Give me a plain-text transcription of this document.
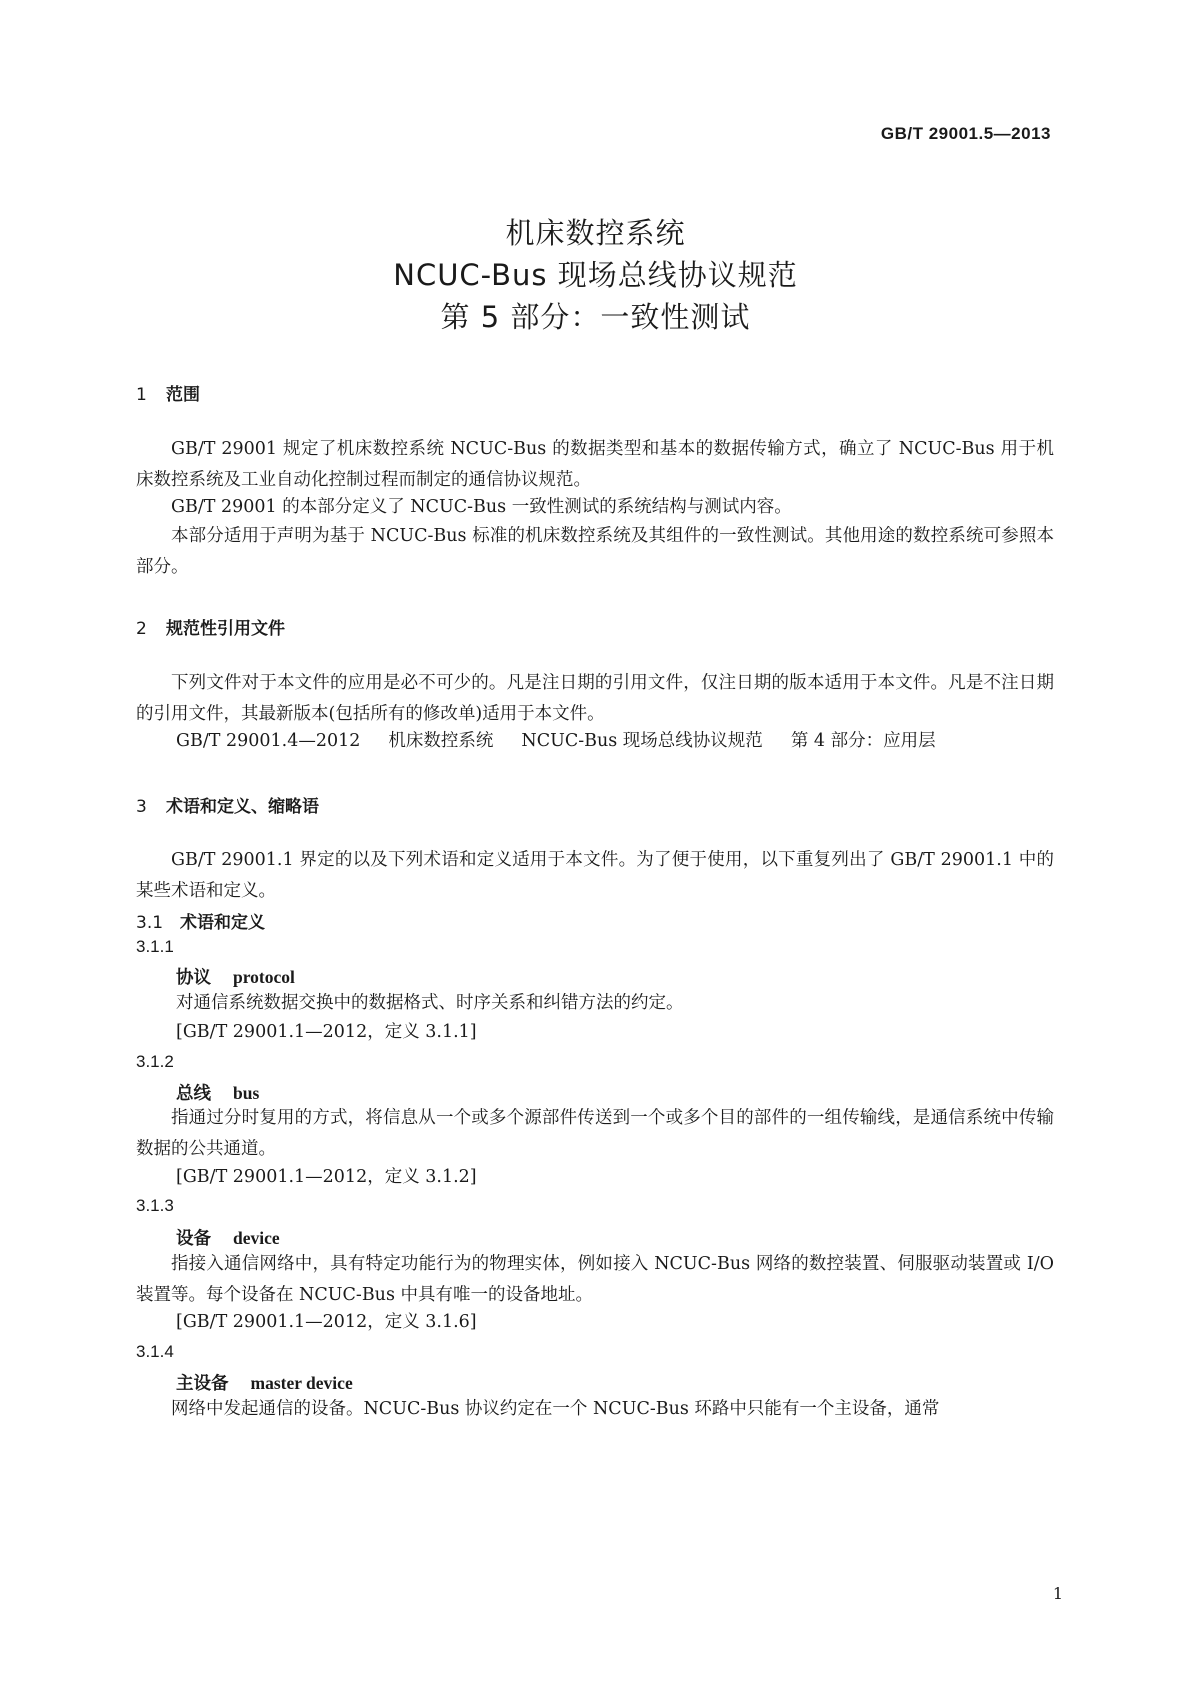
GB/T 29001.5—2013
机床数控系统
NCUC-Bus 现场总线协议规范
第 5 部分：一致性测试
1 范围
GB/T 29001 规定了机床数控系统 NCUC-Bus 的数据类型和基本的数据传输方式，确立了 NCUC-Bus 用于机床数控系统及工业自动化控制过程而制定的通信协议规范。
GB/T 29001 的本部分定义了 NCUC-Bus 一致性测试的系统结构与测试内容。
本部分适用于声明为基于 NCUC-Bus 标准的机床数控系统及其组件的一致性测试。其他用途的数控系统可参照本部分。
2 规范性引用文件
下列文件对于本文件的应用是必不可少的。凡是注日期的引用文件，仅注日期的版本适用于本文件。凡是不注日期的引用文件，其最新版本(包括所有的修改单)适用于本文件。
GB/T 29001.4—2012 机床数控系统 NCUC-Bus 现场总线协议规范 第 4 部分：应用层
3 术语和定义、缩略语
GB/T 29001.1 界定的以及下列术语和定义适用于本文件。为了便于使用，以下重复列出了 GB/T 29001.1 中的某些术语和定义。
3.1 术语和定义
3.1.1
协议 protocol
对通信系统数据交换中的数据格式、时序关系和纠错方法的约定。
[GB/T 29001.1—2012，定义 3.1.1]
3.1.2
总线 bus
指通过分时复用的方式，将信息从一个或多个源部件传送到一个或多个目的部件的一组传输线，是通信系统中传输数据的公共通道。
[GB/T 29001.1—2012，定义 3.1.2]
3.1.3
设备 device
指接入通信网络中，具有特定功能行为的物理实体，例如接入 NCUC-Bus 网络的数控装置、伺服驱动装置或 I/O 装置等。每个设备在 NCUC-Bus 中具有唯一的设备地址。
[GB/T 29001.1—2012，定义 3.1.6]
3.1.4
主设备 master device
网络中发起通信的设备。NCUC-Bus 协议约定在一个 NCUC-Bus 环路中只能有一个主设备，通常
1
